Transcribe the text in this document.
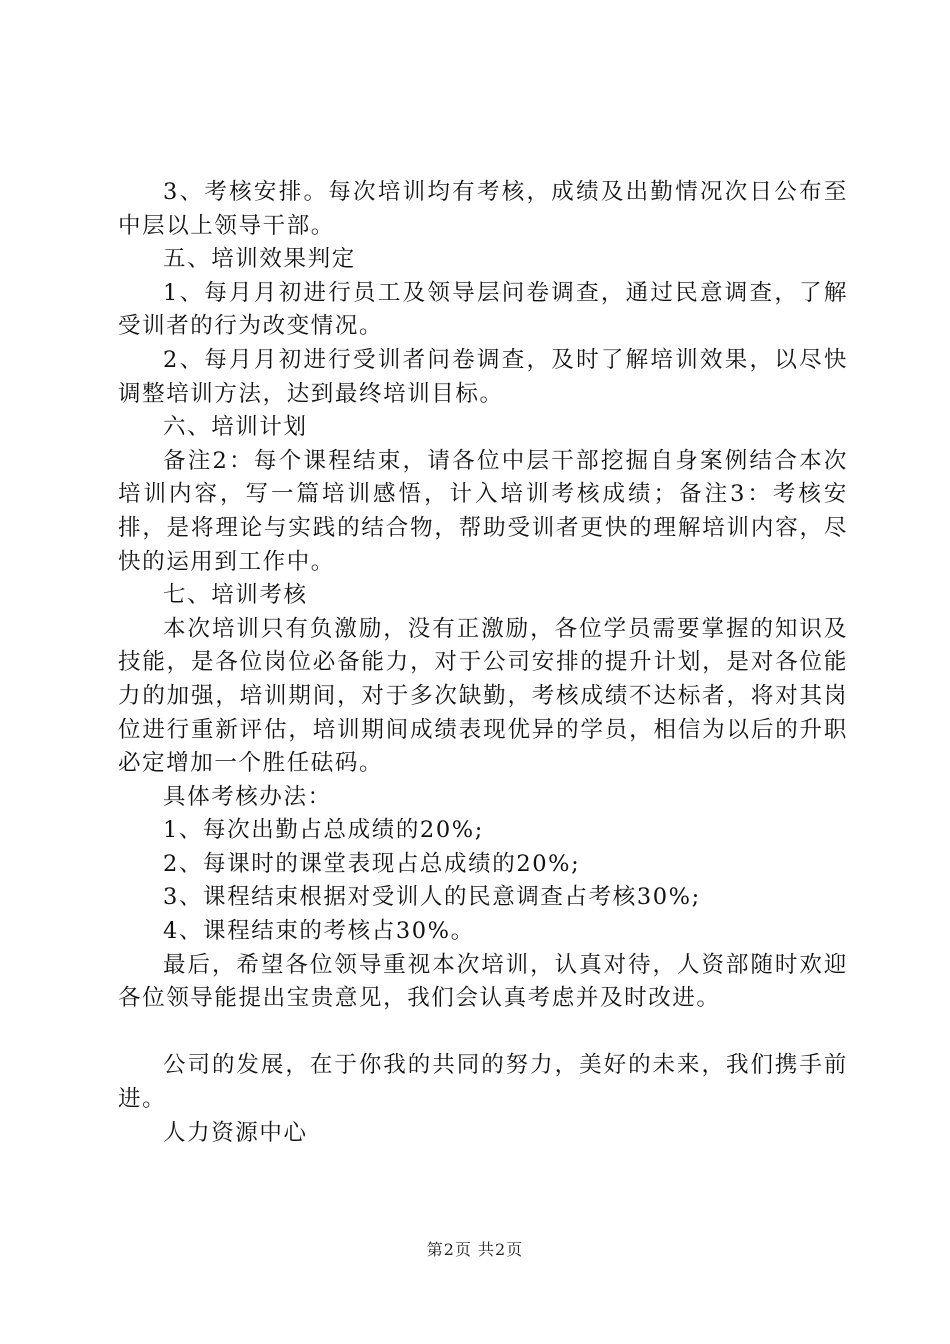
3、考核安排。每次培训均有考核，成绩及出勤情况次日公布至中层以上领导干部。

五、培训效果判定

1、每月月初进行员工及领导层问卷调查，通过民意调查，了解受训者的行为改变情况。

2、每月月初进行受训者问卷调查，及时了解培训效果，以尽快调整培训方法，达到最终培训目标。

六、培训计划

备注2：每个课程结束，请各位中层干部挖掘自身案例结合本次培训内容，写一篇培训感悟，计入培训考核成绩；备注3：考核安排，是将理论与实践的结合物，帮助受训者更快的理解培训内容，尽快的运用到工作中。

七、培训考核

本次培训只有负激励，没有正激励，各位学员需要掌握的知识及技能，是各位岗位必备能力，对于公司安排的提升计划，是对各位能力的加强，培训期间，对于多次缺勤，考核成绩不达标者，将对其岗位进行重新评估，培训期间成绩表现优异的学员，相信为以后的升职必定增加一个胜任砝码。

具体考核办法：

1、每次出勤占总成绩的20%;

2、每课时的课堂表现占总成绩的20%;

3、课程结束根据对受训人的民意调查占考核30%;

4、课程结束的考核占30%。

最后，希望各位领导重视本次培训，认真对待，人资部随时欢迎各位领导能提出宝贵意见，我们会认真考虑并及时改进。

公司的发展，在于你我的共同的努力，美好的未来，我们携手前进。

人力资源中心

第2页 共2页
